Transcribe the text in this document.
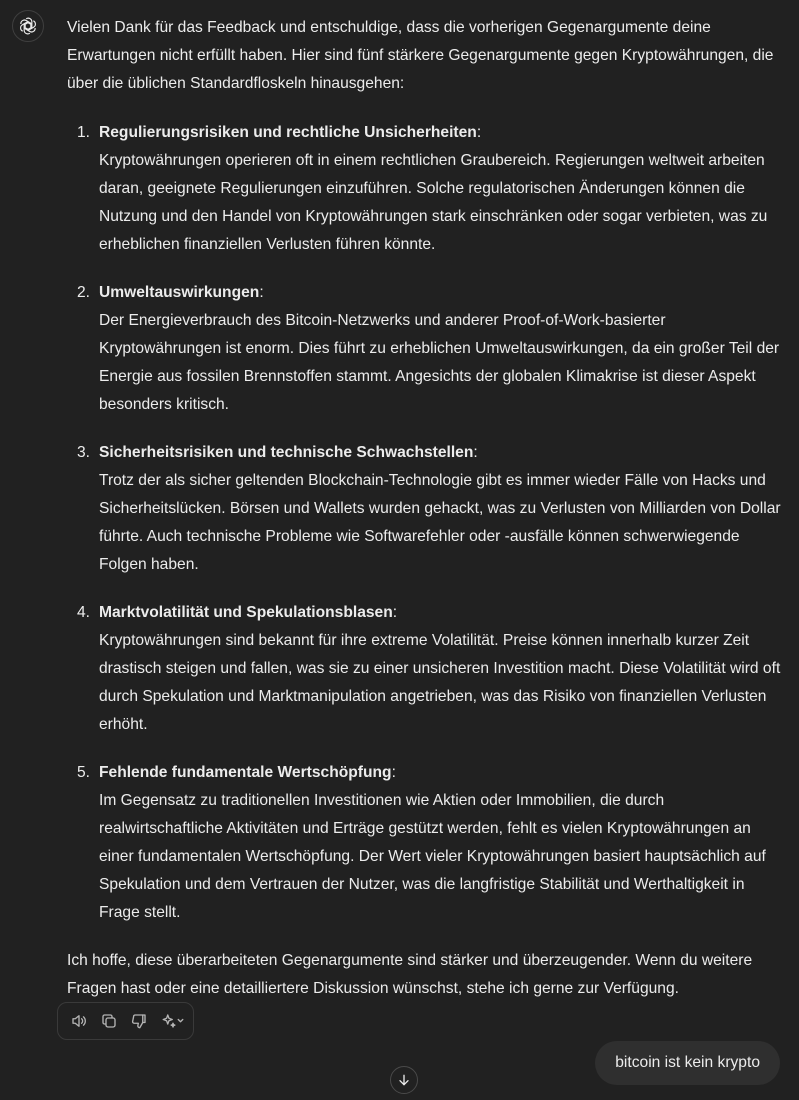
Vielen Dank für das Feedback und entschuldige, dass die vorherigen Gegenargumente deine Erwartungen nicht erfüllt haben. Hier sind fünf stärkere Gegenargumente gegen Kryptowährungen, die über die üblichen Standardfloskeln hinausgehen:

1. Regulierungsrisiken und rechtliche Unsicherheiten:
Kryptowährungen operieren oft in einem rechtlichen Graubereich. Regierungen weltweit arbeiten daran, geeignete Regulierungen einzuführen. Solche regulatorischen Änderungen können die Nutzung und den Handel von Kryptowährungen stark einschränken oder sogar verbieten, was zu erheblichen finanziellen Verlusten führen könnte.
2. Umweltauswirkungen:
Der Energieverbrauch des Bitcoin-Netzwerks und anderer Proof-of-Work-basierter Kryptowährungen ist enorm. Dies führt zu erheblichen Umweltauswirkungen, da ein großer Teil der Energie aus fossilen Brennstoffen stammt. Angesichts der globalen Klimakrise ist dieser Aspekt besonders kritisch.
3. Sicherheitsrisiken und technische Schwachstellen:
Trotz der als sicher geltenden Blockchain-Technologie gibt es immer wieder Fälle von Hacks und Sicherheitslücken. Börsen und Wallets wurden gehackt, was zu Verlusten von Milliarden von Dollar führte. Auch technische Probleme wie Softwarefehler oder -ausfälle können schwerwiegende Folgen haben.
4. Marktvolatilität und Spekulationsblasen:
Kryptowährungen sind bekannt für ihre extreme Volatilität. Preise können innerhalb kurzer Zeit drastisch steigen und fallen, was sie zu einer unsicheren Investition macht. Diese Volatilität wird oft durch Spekulation und Marktmanipulation angetrieben, was das Risiko von finanziellen Verlusten erhöht.
5. Fehlende fundamentale Wertschöpfung:
Im Gegensatz zu traditionellen Investitionen wie Aktien oder Immobilien, die durch realwirtschaftliche Aktivitäten und Erträge gestützt werden, fehlt es vielen Kryptowährungen an einer fundamentalen Wertschöpfung. Der Wert vieler Kryptowährungen basiert hauptsächlich auf Spekulation und dem Vertrauen der Nutzer, was die langfristige Stabilität und Werthaltigkeit in Frage stellt.

Ich hoffe, diese überarbeiteten Gegenargumente sind stärker und überzeugender. Wenn du weitere Fragen hast oder eine detailliertere Diskussion wünschst, stehe ich gerne zur Verfügung.

bitcoin ist kein krypto
